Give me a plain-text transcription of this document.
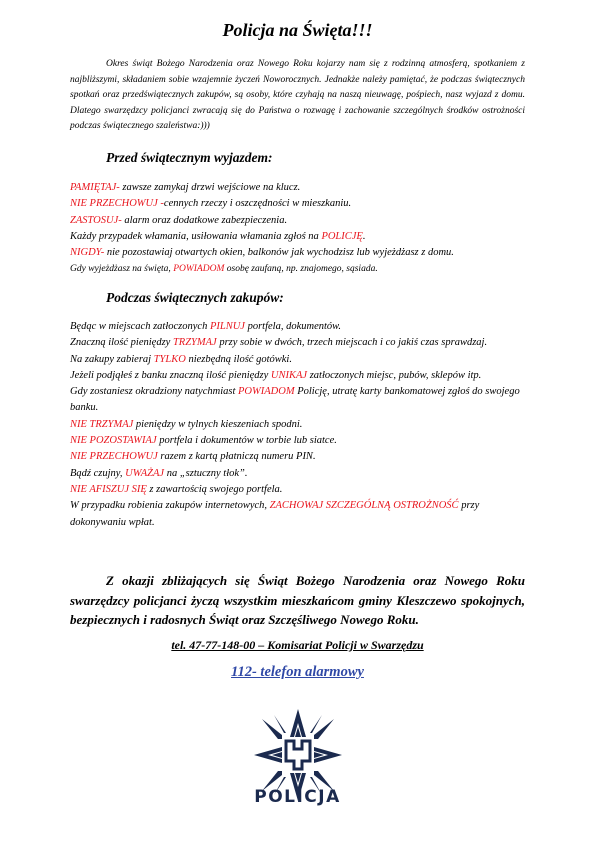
Policja na Święta!!!
Okres świąt Bożego Narodzenia oraz Nowego Roku kojarzy nam się z rodzinną atmosferą, spotkaniem z najbliższymi, składaniem sobie wzajemnie życzeń Noworocznych. Jednakże należy pamiętać, że podczas świątecznych spotkań oraz przedświątecznych zakupów, są osoby, które czyhają na naszą nieuwagę, pośpiech, nasz wyjazd z domu. Dlatego swarzędzcy policjanci zwracają się do Państwa o rozwagę i zachowanie szczególnych środków ostrożności podczas świątecznego szaleństwa:)))
Przed świątecznym wyjazdem:

PAMIĘTAJ- zawsze zamykaj drzwi wejściowe na klucz.

NIE PRZECHOWUJ -cennych rzeczy i oszczędności w mieszkaniu.

ZASTOSUJ- alarm oraz dodatkowe zabezpieczenia.

Każdy przypadek włamania, usiłowania włamania zgłoś na POLICJĘ.

NIGDY- nie pozostawiaj otwartych okien, balkonów jak wychodzisz lub wyjeżdżasz z domu.

Gdy wyjeżdżasz na święta, POWIADOM osobę zaufaną, np. znajomego, sąsiada.

Podczas świątecznych zakupów:

Będąc w miejscach zatłoczonych PILNUJ portfela, dokumentów.

Znaczną ilość pieniędzy TRZYMAJ przy sobie w dwóch, trzech miejscach i co jakiś czas sprawdzaj.

Na zakupy zabieraj TYLKO niezbędną ilość gotówki.

Jeżeli podjąłeś z banku znaczną ilość pieniędzy UNIKAJ zatłoczonych miejsc, pubów, sklepów itp.

Gdy zostaniesz okradziony natychmiast POWIADOM Policję, utratę karty bankomatowej zgłoś do swojego banku.

NIE TRZYMAJ pieniędzy w tylnych kieszeniach spodni.

NIE POZOSTAWIAJ portfela i dokumentów w torbie lub siatce.

NIE PRZECHOWUJ razem z kartą płatniczą numeru PIN.

Bądź czujny, UWAŻAJ na „sztuczny tłok”.

NIE AFISZUJ SIĘ z zawartością swojego portfela.

W przypadku robienia zakupów internetowych, ZACHOWAJ SZCZEGÓLNĄ OSTROŻNOŚĆ przy dokonywaniu wpłat.

Z okazji zbliżających się Świąt Bożego Narodzenia oraz Nowego Roku swarzędzcy policjanci życzą wszystkim mieszkańcom gminy Kleszczewo spokojnych, bezpiecznych i radosnych Świąt oraz Szczęśliwego Nowego Roku.
tel. 47-77-148-00 – Komisariat Policji w Swarzędzu
112- telefon alarmowy
POLICJA
